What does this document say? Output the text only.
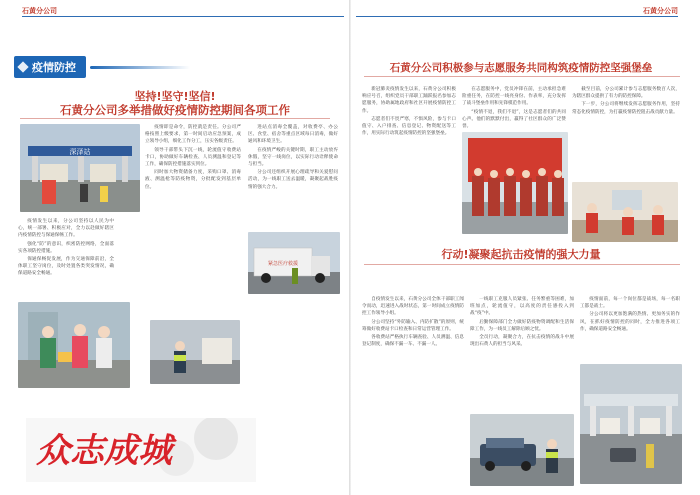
石黄分公司
疫情防控
坚持!坚守!坚信!
石黄分公司多举措做好疫情防控期间各项工作
深泽站

疫情发生以来，分公司坚持以人民为中心，统一部署、积极应对，全力以赴做好辖区内疫情防控与保通保畅工作。

强化“防”的意识，织密防控网络，全面落实各项防控措施。

保通保畅促发展，作为交通保障前沿，全体职工坚守岗位，及时处置各类突发情况，确保道路安全畅通。

疫情即是命令，防控就是责任。分公司严格按照上级要求，第一时间启动应急预案，成立领导小组，细化工作分工，压实各级责任。

领导干部带头下沉一线，轮流值守收费站卡口，协助做好车辆检查、人员测温和登记等工作，确保防控措施落实到位。

同时加大物资储备力度，采购口罩、消毒液、测温枪等防疫物资，分批配发到基层单位。

进站点消毒全覆盖，对收费亭、办公区、食堂、宿舍等重点区域每日消毒，做好通风和环境卫生。

在疫情严峻的关键时期，职工主动放弃休假，坚守一线岗位，以实际行动诠释使命与担当。

分公司还组织开展心理疏导和关爱慰问活动，为一线职工送去温暖，凝聚起战胜疫情的强大合力。

紧急医疗救援
众志成城
石黄分公司
石黄分公司积极参与志愿服务共同构筑疫情防控坚强堡垒

新冠肺炎疫情发生以来，石黄分公司积极响应号召，组织党员干部职工踊跃报名参加志愿服务，协助属地政府和社区开展疫情防控工作。

志愿者们不畏严寒，不惧风险，参与卡口值守、入户排查、信息登记、物资配送等工作，用实际行动筑起疫情防控的坚强堡垒。

在志愿服务中，党员冲锋在前，主动承担急难险重任务，在防控一线亮身份、作表率，充分发挥了战斗堡垒作用和先锋模范作用。

“疫情不退，我们不退”，这是志愿者们的共同心声。他们的默默付出，赢得了社区群众的广泛赞誉。

截至目前，分公司累计参与志愿服务数百人次，为辖区群众提供了有力的防控保障。

下一步，分公司将继续发挥志愿服务作用，坚持常态化疫情防控，为打赢疫情防控阻击战贡献力量。

行动!凝聚起抗击疫情的强大力量

自疫情发生以来，石黄分公司全体干部职工闻令而动，迅速进入战时状态，第一时间成立疫情防控工作领导小组。

分公司坚持“外防输入、内防扩散”的原则，统筹做好收费站卡口检查和日常运营管理工作。

各收费站严格执行车辆查验、人员测温、信息登记制度，确保不漏一车、不漏一人。

一线职工克服人员紧张、任务繁重等困难，加班加点，轮流值守，以高度的责任感投入到战“疫”中。

后勤保障部门全力做好防疫物资调配和生活保障工作，为一线员工解除后顾之忧。

全员行动，凝聚合力，在抗击疫情的战斗中展现出石黄人的担当与风采。

疫情面前，每一个岗位都是战场，每一名职工都是战士。

分公司将以更加饱满的热情、更加务实的作风，在抓好疫情防控的同时，全力推进各项工作，确保道路安全畅通。
